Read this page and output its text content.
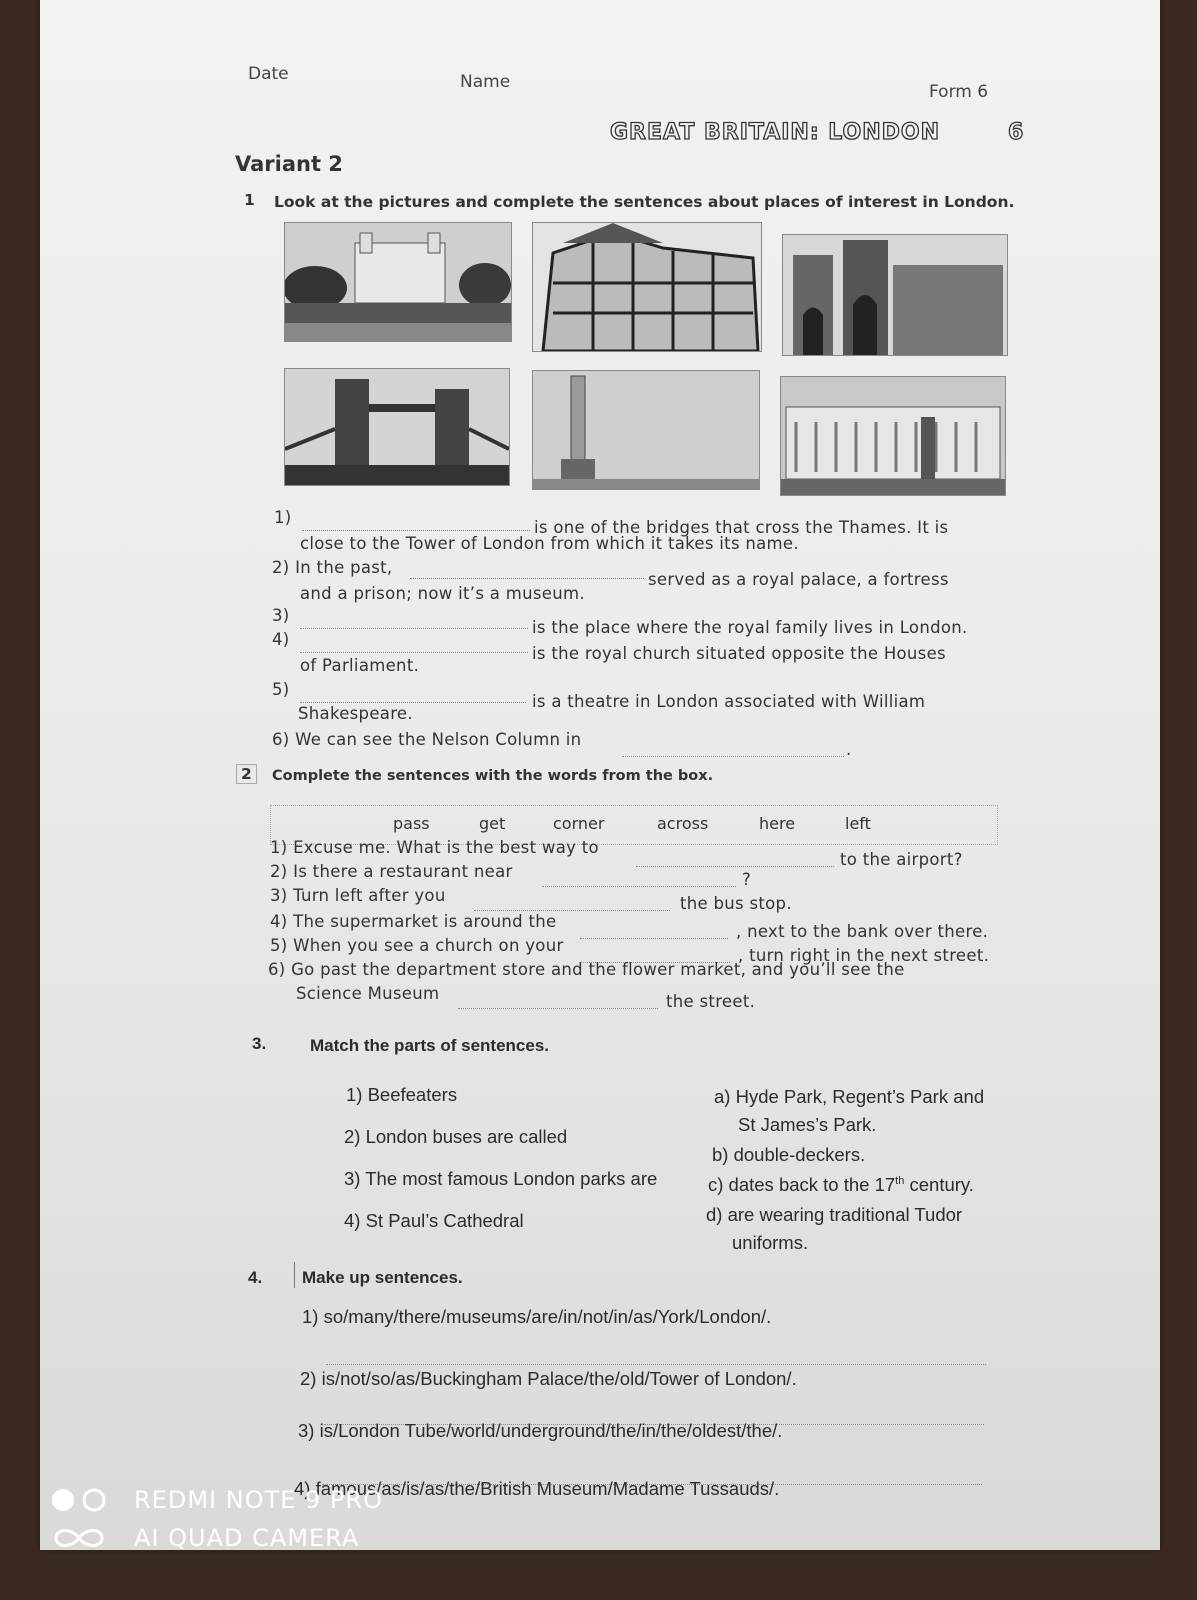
Date	Name	Form 6
GREAT BRITAIN: LONDON	6
Variant 2
1 Look at the pictures and complete the sentences about places of interest in London.
1)
is one of the bridges that cross the Thames. It is
close to the Tower of London from which it takes its name.
2) In the past,
served as a royal palace, a fortress
and a prison; now it’s a museum.
3)
is the place where the royal family lives in London.
4)
is the royal church situated opposite the Houses
of Parliament.
5)
is a theatre in London associated with William
Shakespeare.
6) We can see the Nelson Column in
.
2	Complete the sentences with the words from the box.
pass	get	corner	across	here	left
1) Excuse me. What is the best way to
to the airport?
2) Is there a restaurant near	?
3) Turn left after you	the bus stop.
4) The supermarket is around the
, next to the bank over there.
5) When you see a church on your
, turn right in the next street.
6) Go past the department store and the flower market, and you’ll see the
Science Museum	the street.
3.	Match the parts of sentences.
1) Beefeaters
2) London buses are called
3) The most famous London parks are
4) St Paul’s Cathedral
a) Hyde Park, Regent’s Park and
St James’s Park.
b) double-deckers.
c) dates back to the 17th century.
d) are wearing traditional Tudor
uniforms.
4. Make up sentences.
1) so/many/there/museums/are/in/not/in/as/York/London/.
2) is/not/so/as/Buckingham Palace/the/old/Tower of London/.
3) is/London Tube/world/underground/the/in/the/oldest/the/.
4) famous/as/is/as/the/British Museum/Madame Tussauds/.
REDMI NOTE 9 PRO
AI QUAD CAMERA
